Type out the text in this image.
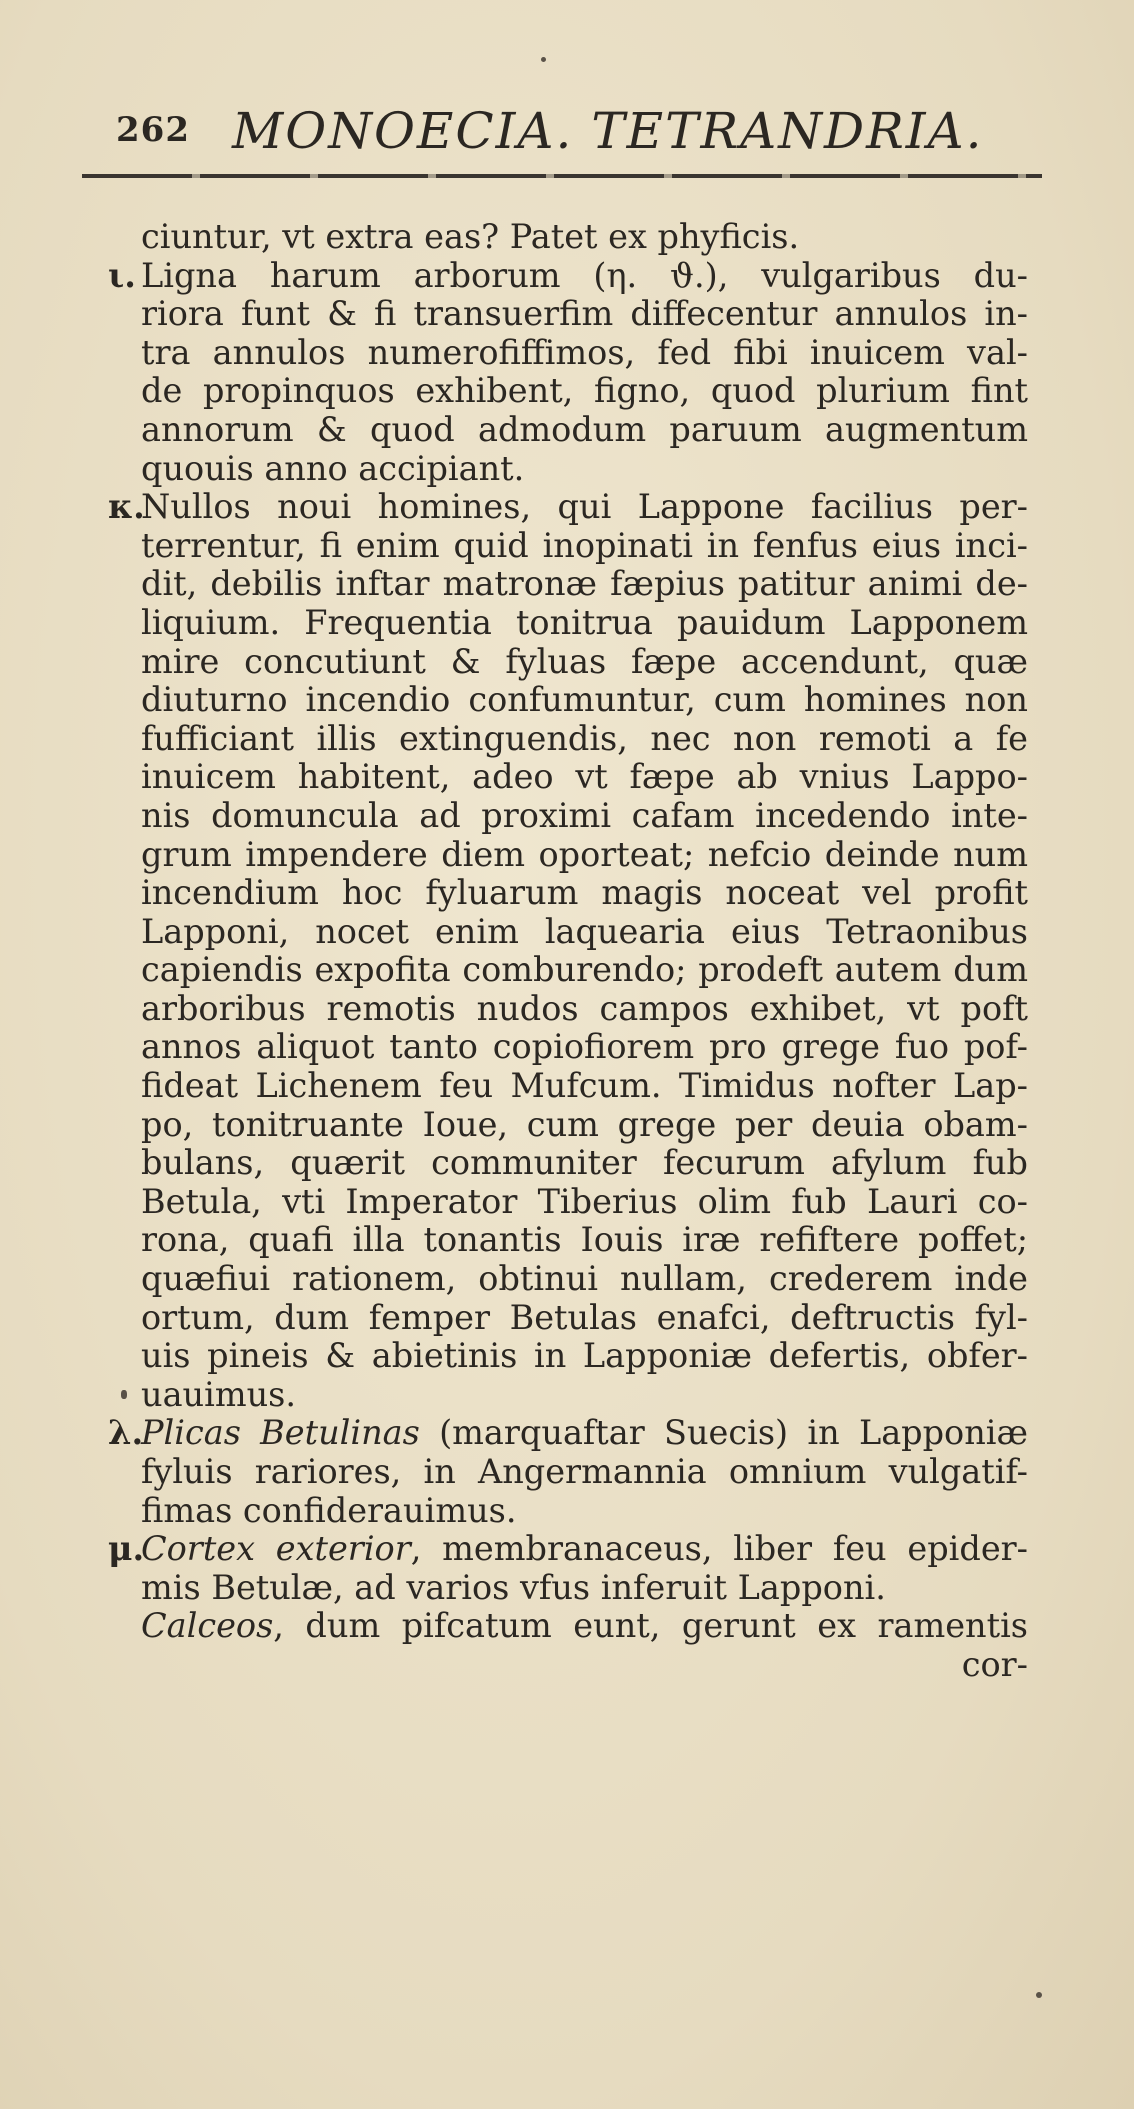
262 MONOECIA. TETRANDRIA.
ciuntur, vt extra eas? Patet ex phyficis.
ι. Ligna harum arborum (η. ϑ.), vulgaribus du-
riora funt & fi transuerfim diffecentur annulos in-
tra annulos numerofiffimos, fed fibi inuicem val-
de propinquos exhibent, figno, quod plurium fint
annorum & quod admodum paruum augmentum
quouis anno accipiant.
κ.Nullos noui homines, qui Lappone facilius per-
terrentur, fi enim quid inopinati in fenfus eius inci-
dit, debilis inftar matronæ fæpius patitur animi de-
liquium. Frequentia tonitrua pauidum Lapponem
mire concutiunt & fyluas fæpe accendunt, quæ
diuturno incendio confumuntur, cum homines non
fufficiant illis extinguendis, nec non remoti a fe
inuicem habitent, adeo vt fæpe ab vnius Lappo-
nis domuncula ad proximi cafam incedendo inte-
grum impendere diem oporteat; nefcio deinde num
incendium hoc fyluarum magis noceat vel profit
Lapponi, nocet enim laquearia eius Tetraonibus
capiendis expofita comburendo; prodeft autem dum
arboribus remotis nudos campos exhibet, vt poft
annos aliquot tanto copiofiorem pro grege fuo pof-
fideat Lichenem feu Mufcum. Timidus nofter Lap-
po, tonitruante Ioue, cum grege per deuia obam-
bulans, quærit communiter fecurum afylum fub
Betula, vti Imperator Tiberius olim fub Lauri co-
rona, quafi illa tonantis Iouis iræ refiftere poffet;
quæfiui rationem, obtinui nullam, crederem inde
ortum, dum femper Betulas enafci, deftructis fyl-
uis pineis & abietinis in Lapponiæ defertis, obfer-
uauimus.
λ.Plicas Betulinas (marquaftar Suecis) in Lapponiæ
fyluis rariores, in Angermannia omnium vulgatif-
fimas confiderauimus.
μ.Cortex exterior, membranaceus, liber feu epider-
mis Betulæ, ad varios vfus inferuit Lapponi.
Calceos, dum pifcatum eunt, gerunt ex ramentis
cor-
